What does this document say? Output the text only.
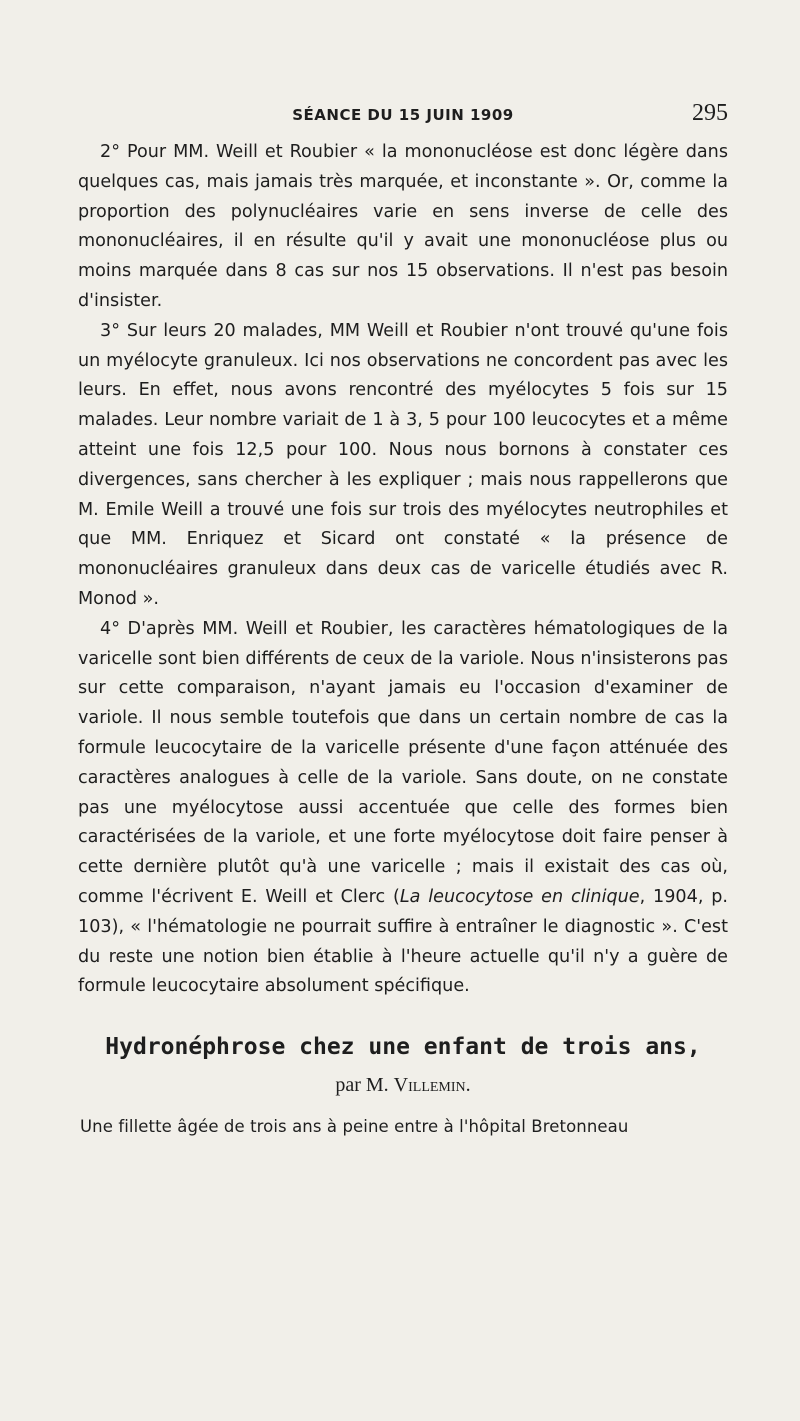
SÉANCE DU 15 JUIN 1909	295

2° Pour MM. Weill et Roubier « la mononucléose est donc légère dans quelques cas, mais jamais très marquée, et inconstante ». Or, comme la proportion des polynucléaires varie en sens inverse de celle des mononucléaires, il en résulte qu'il y avait une mononucléose plus ou moins marquée dans 8 cas sur nos 15 observations. Il n'est pas besoin d'insister.

3° Sur leurs 20 malades, MM Weill et Roubier n'ont trouvé qu'une fois un myélocyte granuleux. Ici nos observations ne concordent pas avec les leurs. En effet, nous avons rencontré des myélocytes 5 fois sur 15 malades. Leur nombre variait de 1 à 3, 5 pour 100 leucocytes et a même atteint une fois 12,5 pour 100. Nous nous bornons à constater ces divergences, sans chercher à les expliquer ; mais nous rappellerons que M. Emile Weill a trouvé une fois sur trois des myélocytes neutrophiles et que MM. Enriquez et Sicard ont constaté « la présence de mononucléaires granuleux dans deux cas de varicelle étudiés avec R. Monod ».

4° D'après MM. Weill et Roubier, les caractères hématologiques de la varicelle sont bien différents de ceux de la variole. Nous n'insisterons pas sur cette comparaison, n'ayant jamais eu l'occasion d'examiner de variole. Il nous semble toutefois que dans un certain nombre de cas la formule leucocytaire de la varicelle présente d'une façon atténuée des caractères analogues à celle de la variole. Sans doute, on ne constate pas une myélocytose aussi accentuée que celle des formes bien caractérisées de la variole, et une forte myélocytose doit faire penser à cette dernière plutôt qu'à une varicelle ; mais il existait des cas où, comme l'écrivent E. Weill et Clerc (La leucocytose en clinique, 1904, p. 103), « l'hématologie ne pourrait suffire à entraîner le diagnostic ». C'est du reste une notion bien établie à l'heure actuelle qu'il n'y a guère de formule leucocytaire absolument spécifique.

Hydronéphrose chez une enfant de trois ans,
par M. Villemin.
Une fillette âgée de trois ans à peine entre à l'hôpital Bretonneau
